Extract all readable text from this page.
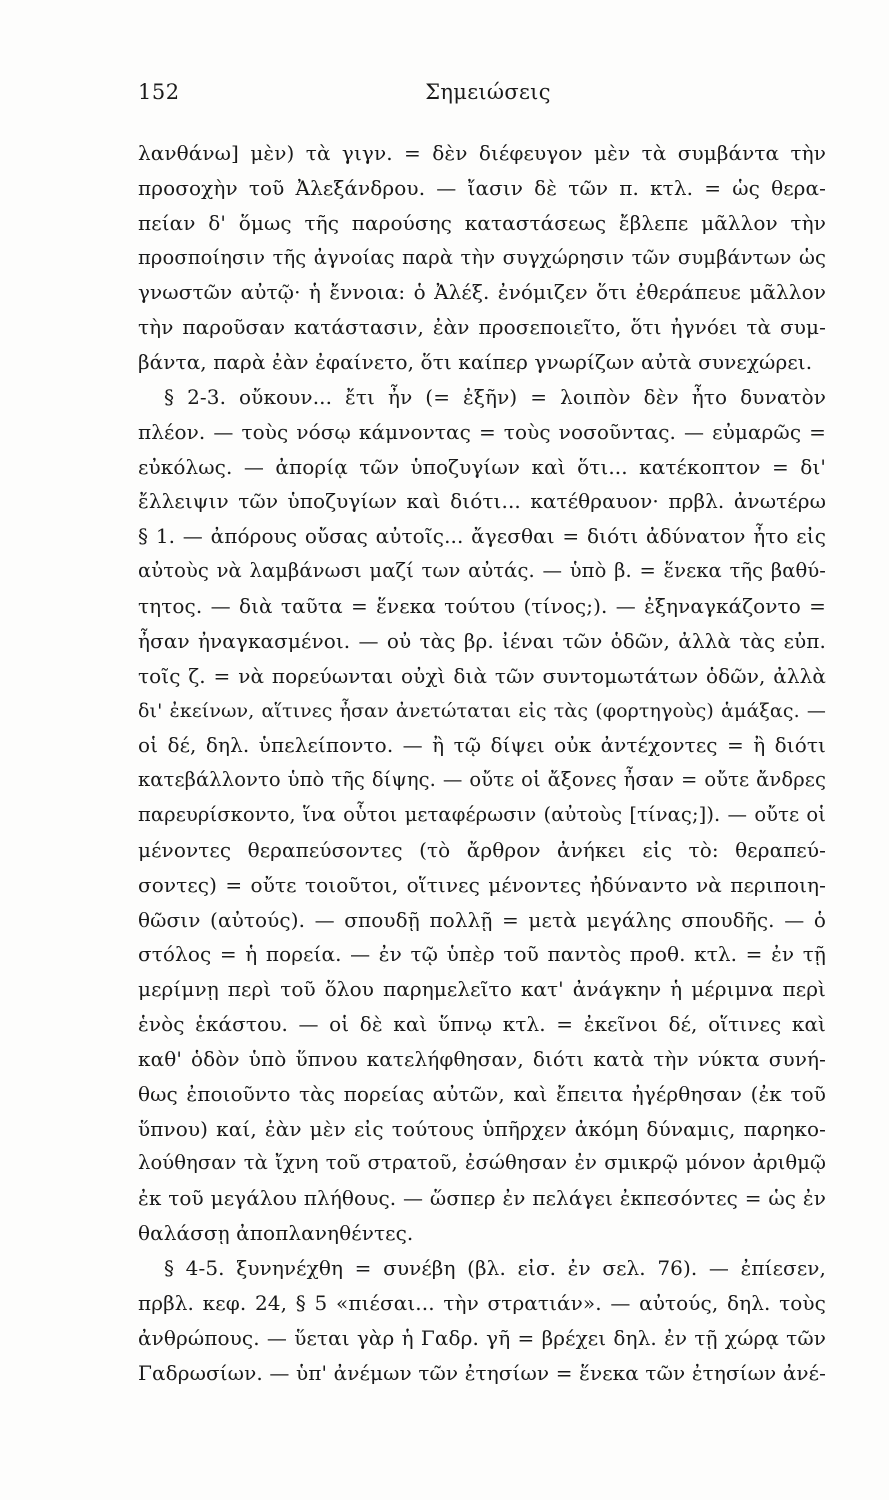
152	Σημειώσεις
λανθάνω] μὲν) τὰ γιγν. = δὲν διέφευγον μὲν τὰ συμβάντα τὴν
προσοχὴν τοῦ Ἀλεξάνδρου. — ἴασιν δὲ τῶν π. κτλ. = ὡς θερα-
πείαν δ' ὅμως τῆς παρούσης καταστάσεως ἔβλεπε μᾶλλον τὴν
προσποίησιν τῆς ἀγνοίας παρὰ τὴν συγχώρησιν τῶν συμβάντων ὡς
γνωστῶν αὐτῷ· ἡ ἔννοια: ὁ Ἀλέξ. ἐνόμιζεν ὅτι ἐθεράπευε μᾶλλον
τὴν παροῦσαν κατάστασιν, ἐὰν προσεποιεῖτο, ὅτι ἠγνόει τὰ συμ-
βάντα, παρὰ ἐὰν ἐφαίνετο, ὅτι καίπερ γνωρίζων αὐτὰ συνεχώρει.
§ 2-3. οὔκουν... ἔτι ἦν (= ἐξῆν) = λοιπὸν δὲν ἦτο δυνατὸν
πλέον. — τοὺς νόσῳ κάμνοντας = τοὺς νοσοῦντας. — εὐμαρῶς =
εὐκόλως. — ἀπορίᾳ τῶν ὑποζυγίων καὶ ὅτι... κατέκοπτον = δι'
ἔλλειψιν τῶν ὑποζυγίων καὶ διότι... κατέθραυον· πρβλ. ἀνωτέρω
§ 1. — ἀπόρους οὔσας αὐτοῖς... ἄγεσθαι = διότι ἀδύνατον ἦτο εἰς
αὐτοὺς νὰ λαμβάνωσι μαζί των αὐτάς. — ὑπὸ β. = ἕνεκα τῆς βαθύ-
τητος. — διὰ ταῦτα = ἕνεκα τούτου (τίνος;). — ἐξηναγκάζοντο =
ἦσαν ἠναγκασμένοι. — οὐ τὰς βρ. ἰέναι τῶν ὁδῶν, ἀλλὰ τὰς εὐπ.
τοῖς ζ. = νὰ πορεύωνται οὐχὶ διὰ τῶν συντομωτάτων ὁδῶν, ἀλλὰ
δι' ἐκείνων, αἵτινες ἦσαν ἀνετώταται εἰς τὰς (φορτηγοὺς) ἁμάξας. —
οἱ δέ, δηλ. ὑπελείποντο. — ἢ τῷ δίψει οὐκ ἀντέχοντες = ἢ διότι
κατεβάλλοντο ὑπὸ τῆς δίψης. — οὔτε οἱ ἄξονες ἦσαν = οὔτε ἄνδρες
παρευρίσκοντο, ἵνα οὗτοι μεταφέρωσιν (αὐτοὺς [τίνας;]). — οὔτε οἱ
μένοντες θεραπεύσοντες (τὸ ἄρθρον ἀνήκει εἰς τὸ: θεραπεύ-
σοντες) = οὔτε τοιοῦτοι, οἵτινες μένοντες ἠδύναντο νὰ περιποιη-
θῶσιν (αὐτούς). — σπουδῇ πολλῇ = μετὰ μεγάλης σπουδῆς. — ὁ
στόλος = ἡ πορεία. — ἐν τῷ ὑπὲρ τοῦ παντὸς προθ. κτλ. = ἐν τῇ
μερίμνῃ περὶ τοῦ ὅλου παρημελεῖτο κατ' ἀνάγκην ἡ μέριμνα περὶ
ἑνὸς ἑκάστου. — οἱ δὲ καὶ ὕπνῳ κτλ. = ἐκεῖνοι δέ, οἵτινες καὶ
καθ' ὁδὸν ὑπὸ ὕπνου κατελήφθησαν, διότι κατὰ τὴν νύκτα συνή-
θως ἐποιοῦντο τὰς πορείας αὐτῶν, καὶ ἔπειτα ἠγέρθησαν (ἐκ τοῦ
ὕπνου) καί, ἐὰν μὲν εἰς τούτους ὑπῆρχεν ἀκόμη δύναμις, παρηκο-
λούθησαν τὰ ἴχνη τοῦ στρατοῦ, ἐσώθησαν ἐν σμικρῷ μόνον ἀριθμῷ
ἐκ τοῦ μεγάλου πλήθους. — ὥσπερ ἐν πελάγει ἐκπεσόντες = ὡς ἐν
θαλάσσῃ ἀποπλανηθέντες.
§ 4-5. ξυνηνέχθη = συνέβη (βλ. εἰσ. ἐν σελ. 76). — ἐπίεσεν,
πρβλ. κεφ. 24, § 5 «πιέσαι... τὴν στρατιάν». — αὐτούς, δηλ. τοὺς
ἀνθρώπους. — ὕεται γὰρ ἡ Γαδρ. γῆ = βρέχει δηλ. ἐν τῇ χώρᾳ τῶν
Γαδρωσίων. — ὑπ' ἀνέμων τῶν ἐτησίων = ἕνεκα τῶν ἐτησίων ἀνέ-
